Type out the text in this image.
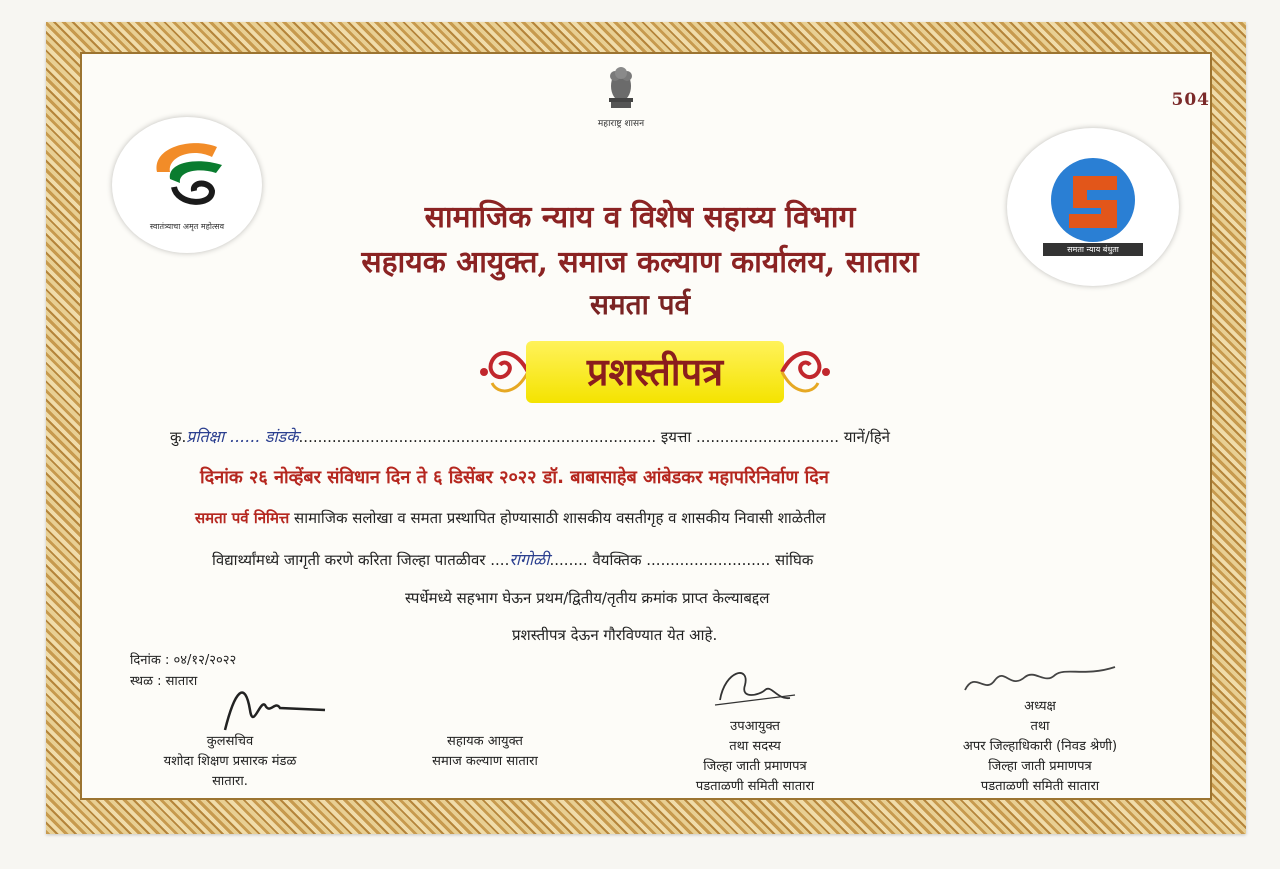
महाराष्ट्र शासन
504
स्वातंत्र्याचा अमृत महोत्सव
समता न्याय बंधुता
सामाजिक न्याय व विशेष सहाय्य विभाग
सहायक आयुक्त, समाज कल्याण कार्यालय, सातारा
समता पर्व
प्रशस्तीपत्र
कु.प्रतिक्षा ...... डांडके........................................................................... इयत्ता .............................. यानें/हिने
दिनांक २६ नोव्हेंबर संविधान दिन ते ६ डिसेंबर २०२२ डॉ. बाबासाहेब आंबेडकर महापरिनिर्वाण दिन
समता पर्व निमित्त सामाजिक सलोखा व समता प्रस्थापित होण्यासाठी शासकीय वसतीगृह व शासकीय निवासी शाळेतील
विद्यार्थ्यांमध्ये जागृती करणे करिता जिल्हा पातळीवर ....रांगोळी........ वैयक्तिक .......................... सांघिक
स्पर्धेमध्ये सहभाग घेऊन प्रथम/द्वितीय/तृतीय क्रमांक प्राप्त केल्याबद्दल
प्रशस्तीपत्र देऊन गौरविण्यात येत आहे.
दिनांक : ०४/१२/२०२२
स्थळ : सातारा
कुलसचिव
यशोदा शिक्षण प्रसारक मंडळ
सातारा.
सहायक आयुक्त
समाज कल्याण सातारा
उपआयुक्त
तथा सदस्य
जिल्हा जाती प्रमाणपत्र
पडताळणी समिती सातारा
अध्यक्ष
तथा
अपर जिल्हाधिकारी (निवड श्रेणी)
जिल्हा जाती प्रमाणपत्र
पडताळणी समिती सातारा
